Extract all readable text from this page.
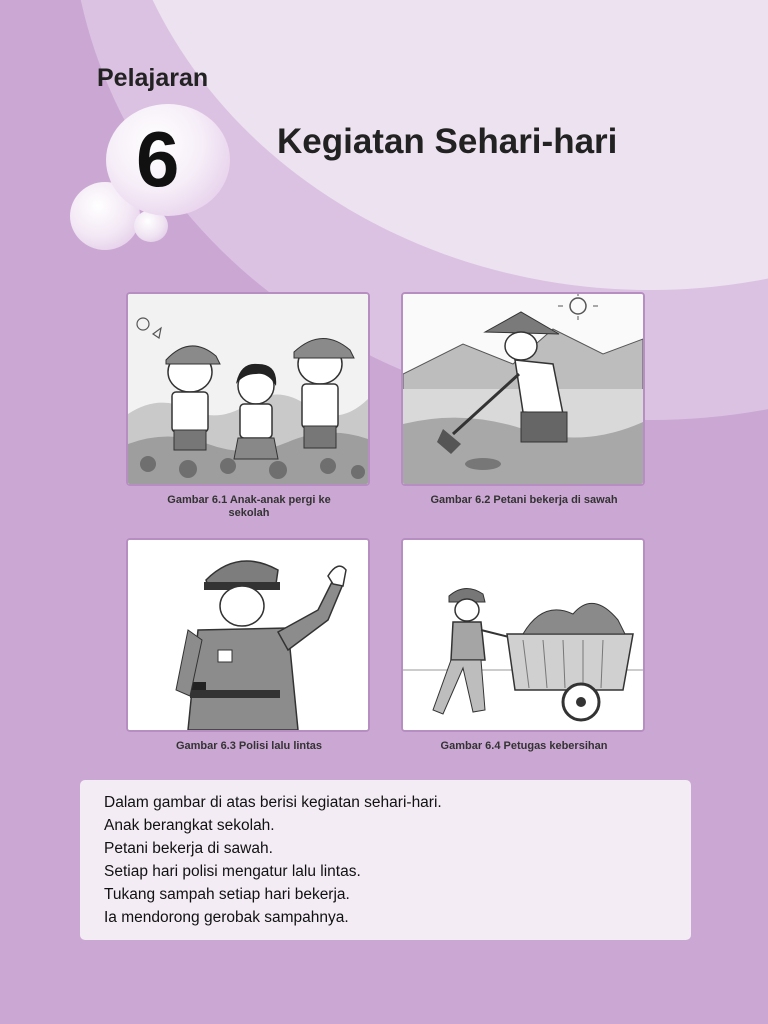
Pelajaran
6	Kegiatan Sehari-hari
Gambar 6.1 Anak-anak pergi ke
sekolah
Gambar 6.2 Petani bekerja di sawah
Gambar 6.3 Polisi lalu lintas	Gambar 6.4 Petugas kebersihan
Dalam gambar di atas berisi kegiatan sehari-hari.
Anak berangkat sekolah.
Petani bekerja di sawah.
Setiap hari polisi mengatur lalu lintas.
Tukang sampah setiap hari bekerja.
Ia mendorong gerobak sampahnya.
